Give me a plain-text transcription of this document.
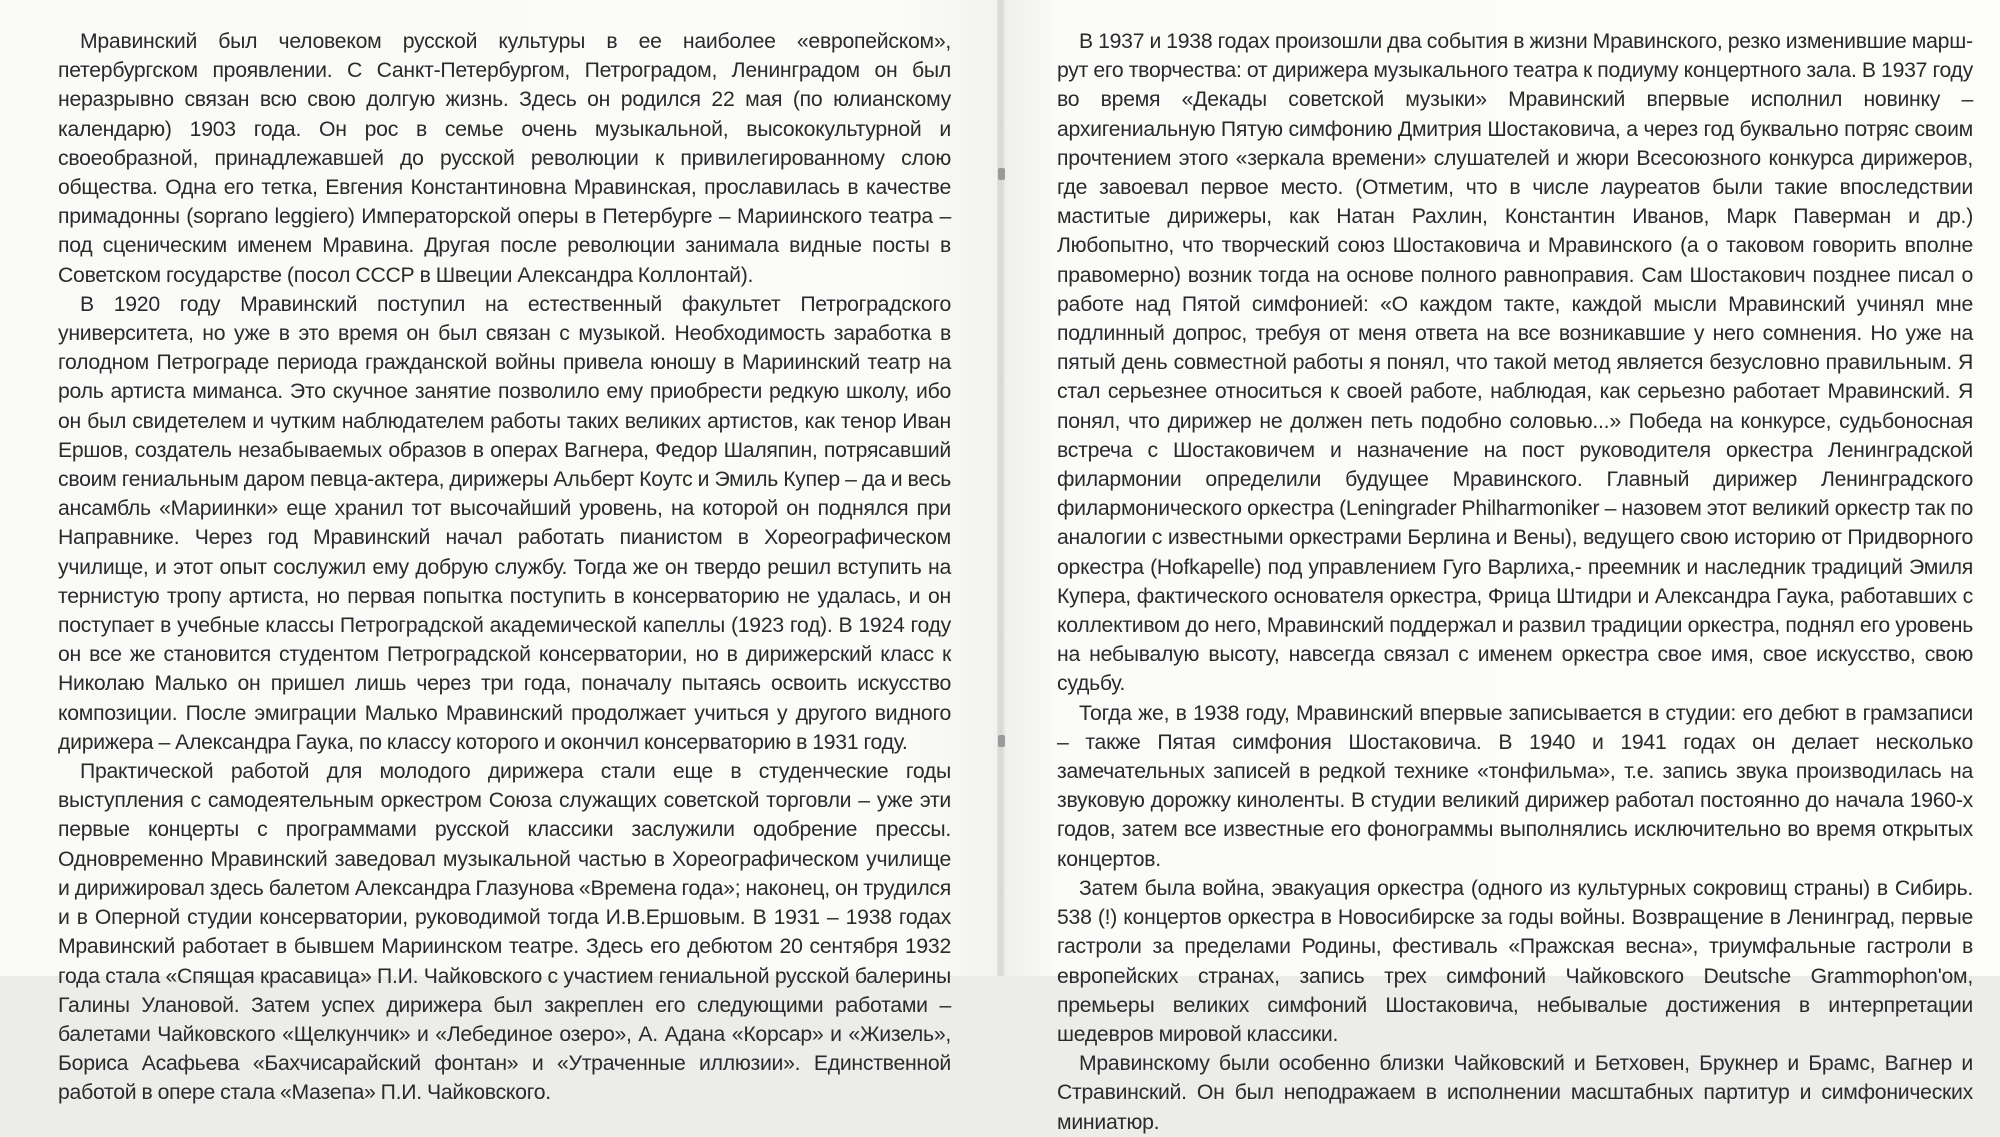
Мравинский был человеком русской культуры в ее наиболее «европейском», петербургском проявлении. С Санкт-Петербургом, Петроградом, Ленинградом он был неразрывно связан всю свою долгую жизнь. Здесь он родился 22 мая (по юлианскому календарю) 1903 года. Он рос в семье очень музыкальной, высококультурной и своеобразной, принадлежавшей до русской революции к привилегированному слою общества. Одна его тетка, Евгения Константиновна Мравинская, прославилась в качестве примадонны (soprano leggiero) Императорской оперы в Петербурге – Мариинского театра – под сценическим именем Мравина. Другая после революции занимала видные посты в Советском государстве (посол СССР в Швеции Александра Коллонтай).

В 1920 году Мравинский поступил на естественный факультет Петроградского университета, но уже в это время он был связан с музыкой. Необходимость заработка в голодном Петрограде периода гражданской войны привела юношу в Мариинский театр на роль артиста миманса. Это скучное занятие позволило ему приобрести редкую школу, ибо он был свидетелем и чутким наблюдателем работы таких великих артистов, как тенор Иван Ершов, создатель незабываемых образов в операх Вагнера, Федор Шаляпин, потрясавший своим гениальным даром певца-актера, дирижеры Альберт Коутс и Эмиль Купер – да и весь ансамбль «Мариинки» еще хранил тот высочайший уровень, на которой он поднялся при Направнике. Через год Мравинский начал работать пианистом в Хореографическом училище, и этот опыт сослужил ему добрую службу. Тогда же он твердо решил вступить на тернистую тропу артиста, но первая попытка поступить в консерваторию не удалась, и он поступает в учебные классы Петроградской академической капеллы (1923 год). В 1924 году он все же становится студентом Петроградской консерватории, но в дирижерский класс к Николаю Малько он пришел лишь через три года, поначалу пытаясь освоить искусство композиции. После эмиграции Малько Мравинский продолжает учиться у другого видного дирижера – Александра Гаука, по классу которого и окончил консерваторию в 1931 году.

Практической работой для молодого дирижера стали еще в студенческие годы выступления с самодеятельным оркестром Союза служащих советской торговли – уже эти первые концерты с программами русской классики заслужили одобрение прессы. Одновременно Мравинский заведовал музыкальной частью в Хореографическом училище и дирижировал здесь балетом Александра Глазунова «Времена года»; наконец, он трудился и в Оперной студии консерватории, руководимой тогда И.В.Ершовым. В 1931 – 1938 годах Мравинский работает в бывшем Мариинском театре. Здесь его дебютом 20 сентября 1932 года стала «Спящая красавица» П.И. Чайковского с участием гениальной русской балерины Галины Улановой. Затем успех дирижера был закреплен его следующими работами – балетами Чайковского «Щелкунчик» и «Лебединое озеро», А. Адана «Корсар» и «Жизель», Бориса Асафьева «Бахчисарайский фонтан» и «Утраченные иллюзии». Единственной работой в опере стала «Мазепа» П.И. Чайковского.

В 1937 и 1938 годах произошли два события в жизни Мравинского, резко изменившие маршрут его творчества: от дирижера музыкального театра к подиуму концертного зала. В 1937 году во время «Декады советской музыки» Мравинский впервые исполнил новинку – архигениальную Пятую симфонию Дмитрия Шостаковича, а через год буквально потряс своим прочтением этого «зеркала времени» слушателей и жюри Всесоюзного конкурса дирижеров, где завоевал первое место. (Отметим, что в числе лауреатов были такие впоследствии маститые дирижеры, как Натан Рахлин, Константин Иванов, Марк Паверман и др.) Любопытно, что творческий союз Шостаковича и Мравинского (а о таковом говорить вполне правомерно) возник тогда на основе полного равноправия. Сам Шостакович позднее писал о работе над Пятой симфонией: «О каждом такте, каждой мысли Мравинский учинял мне подлинный допрос, требуя от меня ответа на все возникавшие у него сомнения. Но уже на пятый день совместной работы я понял, что такой метод является безусловно правильным. Я стал серьезнее относиться к своей работе, наблюдая, как серьезно работает Мравинский. Я понял, что дирижер не должен петь подобно соловью...» Победа на конкурсе, судьбоносная встреча с Шостаковичем и назначение на пост руководителя оркестра Ленинградской филармонии определили будущее Мравинского. Главный дирижер Ленинградского филармонического оркестра (Leningrader Philharmoniker – назовем этот великий оркестр так по аналогии с известными оркестрами Берлина и Вены), ведущего свою историю от Придворного оркестра (Hofkapelle) под управлением Гуго Варлиха,- преемник и наследник традиций Эмиля Купера, фактического основателя оркестра, Фрица Штидри и Александра Гаука, работавших с коллективом до него, Мравинский поддержал и развил традиции оркестра, поднял его уровень на небывалую высоту, навсегда связал с именем оркестра свое имя, свое искусство, свою судьбу.

Тогда же, в 1938 году, Мравинский впервые записывается в студии: его дебют в грамзаписи – также Пятая симфония Шостаковича. В 1940 и 1941 годах он делает несколько замечательных записей в редкой технике «тонфильма», т.е. запись звука производилась на звуковую дорожку киноленты. В студии великий дирижер работал постоянно до начала 1960-х годов, затем все известные его фонограммы выполнялись исключительно во время открытых концертов.

Затем была война, эвакуация оркестра (одного из культурных сокровищ страны) в Сибирь. 538 (!) концертов оркестра в Новосибирске за годы войны. Возвращение в Ленинград, первые гастроли за пределами Родины, фестиваль «Пражская весна», триумфальные гастроли в европейских странах, запись трех симфоний Чайковского Deutsche Grammophon'ом, премьеры великих симфоний Шостаковича, небывалые достижения в интерпретации шедевров мировой классики.

Мравинскому были особенно близки Чайковский и Бетховен, Брукнер и Брамс, Вагнер и Стравинский. Он был неподражаем в исполнении масштабных партитур и симфонических миниатюр.
